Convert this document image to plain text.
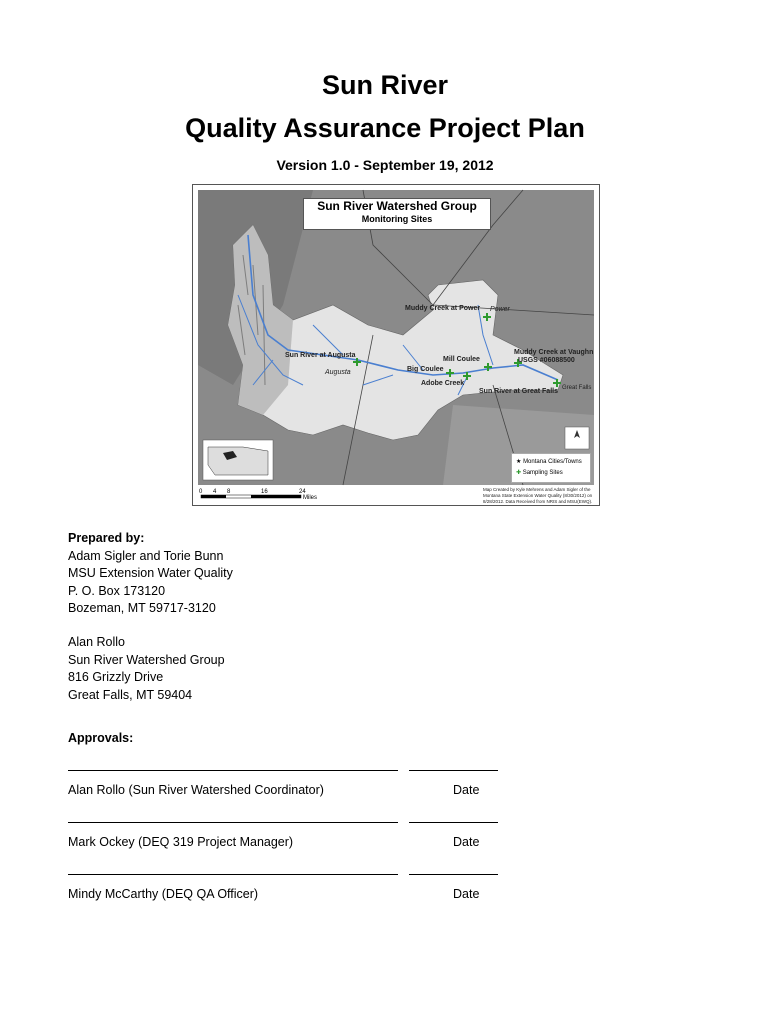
Sun River
Quality Assurance Project Plan
Version 1.0 - September 19, 2012
Sun River Watershed Group
Monitoring Sites
Muddy Creek at Power Power
Sun River at Augusta
Augusta
Mill Coulee
Muddy Creek at Vaughn
USGS #06088500
Big Coulee
Adobe Creek
Sun River at Great Falls Great Falls
★ Montana Cities/Towns
✚ Sampling Sites
0 4 8	16	24
Miles
Map Created by Kyle Mehrens and Adam Sigler of the Montana State Extension Water Quality (8/30/2012) on 8/28/2012. Data Received from NRIS and MSU(EWQ).
Prepared by:
Adam Sigler and Torie Bunn
MSU Extension Water Quality
P. O. Box 173120
Bozeman, MT 59717-3120
Alan Rollo
Sun River Watershed Group
816 Grizzly Drive
Great Falls, MT 59404
Approvals:
Alan Rollo (Sun River Watershed Coordinator)	Date
Mark Ockey (DEQ 319 Project Manager)	Date
Mindy McCarthy (DEQ QA Officer)	Date
